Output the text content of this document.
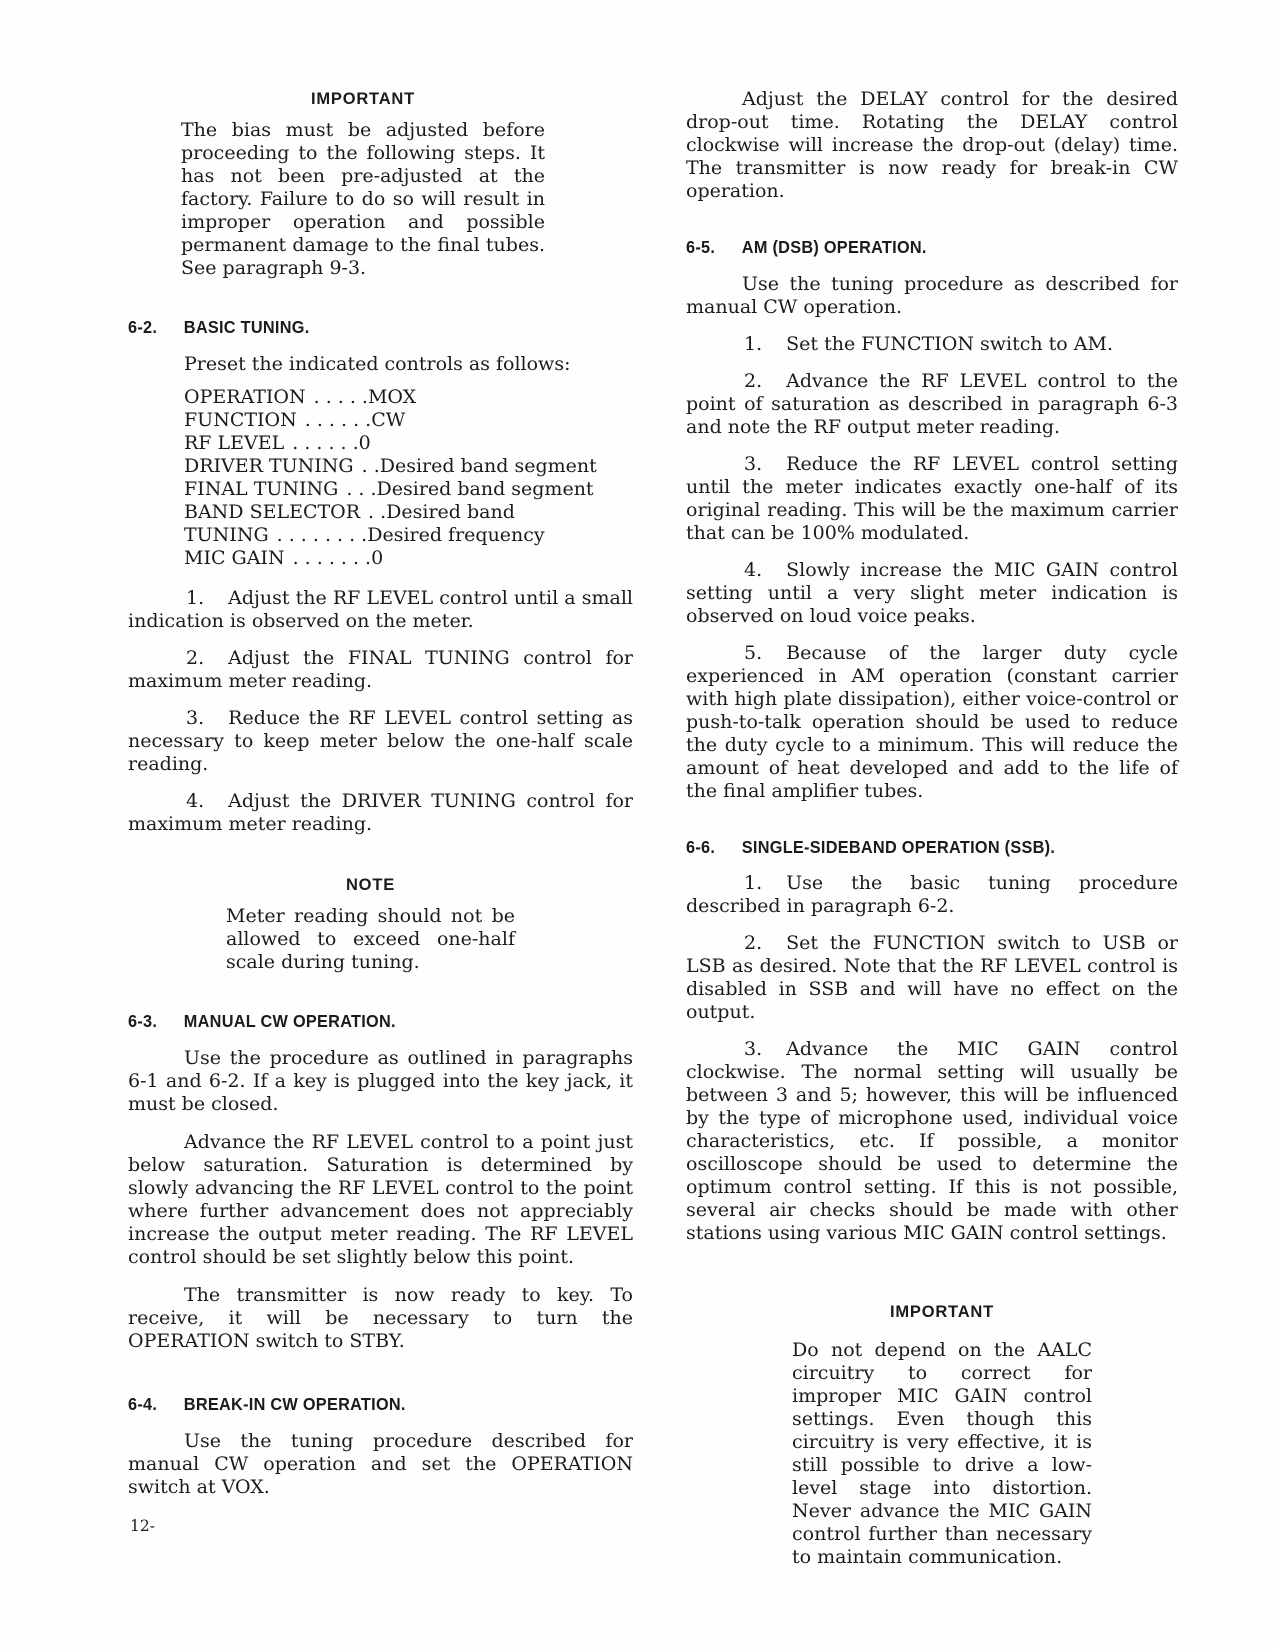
IMPORTANT

The bias must be adjusted before proceeding to the following steps. It has not been pre-adjusted at the factory. Failure to do so will result in improper operation and possible permanent damage to the final tubes. See paragraph 9-3.

6-2.	BASIC TUNING.

Preset the indicated controls as follows:

OPERATION . . . . .MOX
FUNCTION . . . . . .CW
RF LEVEL . . . . . .0
DRIVER TUNING . .Desired band segment
FINAL TUNING . . .Desired band segment
BAND SELECTOR . .Desired band
TUNING . . . . . . . .Desired frequency
MIC GAIN . . . . . . .0

1. Adjust the RF LEVEL control until a small indication is observed on the meter.

2. Adjust the FINAL TUNING control for maximum meter reading.

3. Reduce the RF LEVEL control setting as necessary to keep meter below the one-half scale reading.

4. Adjust the DRIVER TUNING control for maximum meter reading.

NOTE

Meter reading should not be allowed to exceed one-half scale during tuning.

6-3.	MANUAL CW OPERATION.

Use the procedure as outlined in paragraphs 6-1 and 6-2. If a key is plugged into the key jack, it must be closed.

Advance the RF LEVEL control to a point just below saturation. Saturation is determined by slowly advancing the RF LEVEL control to the point where further advancement does not appreciably increase the output meter reading. The RF LEVEL control should be set slightly below this point.

The transmitter is now ready to key. To receive, it will be necessary to turn the OPERATION switch to STBY.

6-4.	BREAK-IN CW OPERATION.

Use the tuning procedure described for manual CW operation and set the OPERATION switch at VOX.

12-

Adjust the DELAY control for the desired drop-out time. Rotating the DELAY control clockwise will increase the drop-out (delay) time. The transmitter is now ready for break-in CW operation.

6-5.	AM (DSB) OPERATION.

Use the tuning procedure as described for manual CW operation.

1. Set the FUNCTION switch to AM.

2. Advance the RF LEVEL control to the point of saturation as described in paragraph 6-3 and note the RF output meter reading.

3. Reduce the RF LEVEL control setting until the meter indicates exactly one-half of its original reading. This will be the maximum carrier that can be 100% modulated.

4. Slowly increase the MIC GAIN control setting until a very slight meter indication is observed on loud voice peaks.

5. Because of the larger duty cycle experienced in AM operation (constant carrier with high plate dissipation), either voice-control or push-to-talk operation should be used to reduce the duty cycle to a minimum. This will reduce the amount of heat developed and add to the life of the final amplifier tubes.

6-6.	SINGLE-SIDEBAND OPERATION (SSB).

1. Use the basic tuning procedure described in paragraph 6-2.

2. Set the FUNCTION switch to USB or LSB as desired. Note that the RF LEVEL control is disabled in SSB and will have no effect on the output.

3. Advance the MIC GAIN control clockwise. The normal setting will usually be between 3 and 5; however, this will be influenced by the type of microphone used, individual voice characteristics, etc. If possible, a monitor oscilloscope should be used to determine the optimum control setting. If this is not possible, several air checks should be made with other stations using various MIC GAIN control settings.

IMPORTANT

Do not depend on the AALC circuitry to correct for improper MIC GAIN control settings. Even though this circuitry is very effective, it is still possible to drive a low-level stage into distortion. Never advance the MIC GAIN control further than necessary to maintain communication.
